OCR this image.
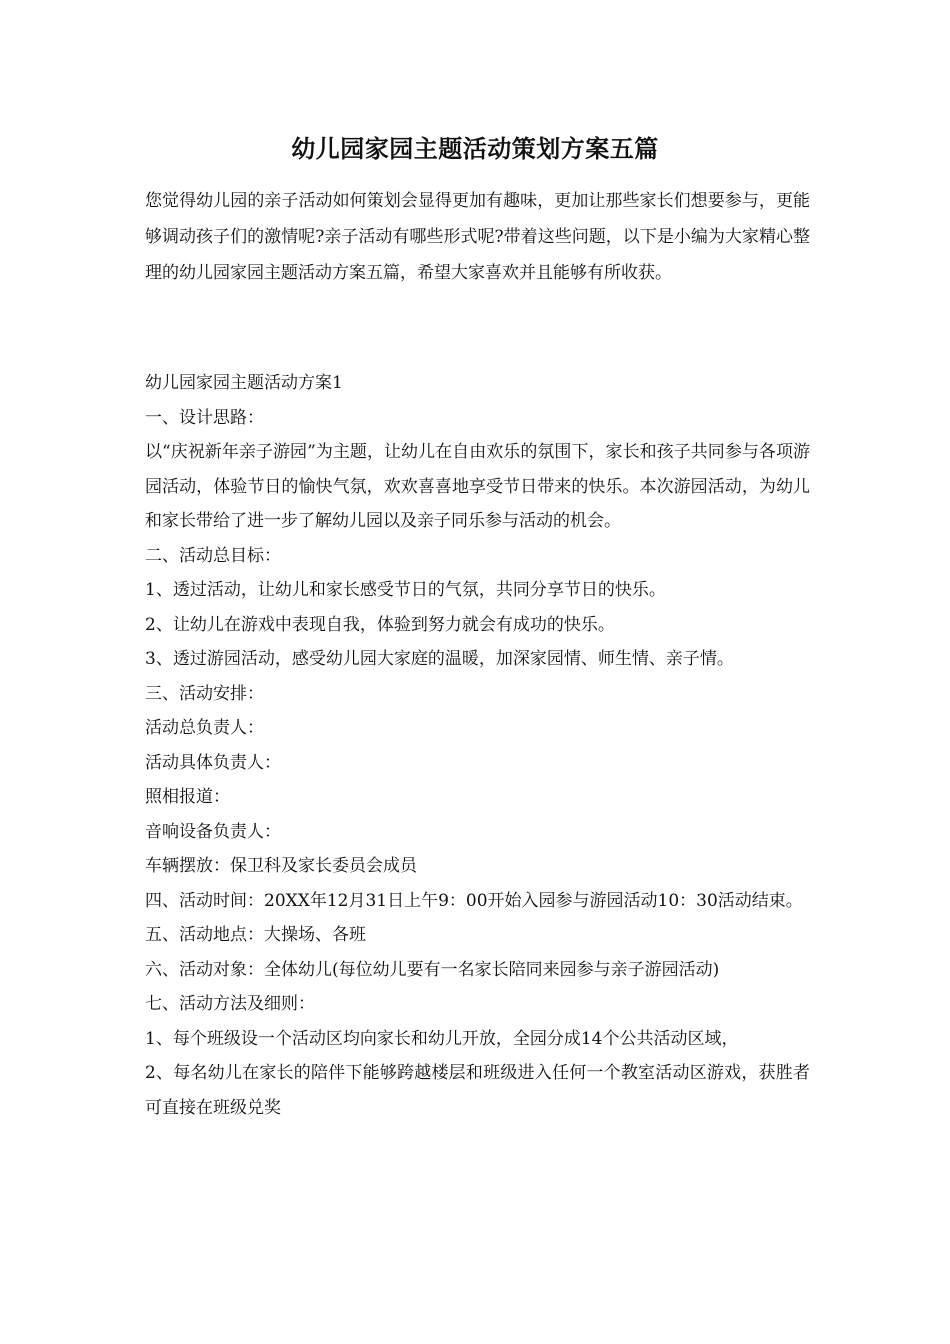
幼儿园家园主题活动策划方案五篇
您觉得幼儿园的亲子活动如何策划会显得更加有趣味，更加让那些家长们想要参与，更能够调动孩子们的激情呢?亲子活动有哪些形式呢?带着这些问题，以下是小编为大家精心整理的幼儿园家园主题活动方案五篇，希望大家喜欢并且能够有所收获。

幼儿园家园主题活动方案1

一、设计思路：

以“庆祝新年亲子游园”为主题，让幼儿在自由欢乐的氛围下，家长和孩子共同参与各项游园活动，体验节日的愉快气氛，欢欢喜喜地享受节日带来的快乐。本次游园活动，为幼儿和家长带给了进一步了解幼儿园以及亲子同乐参与活动的机会。

二、活动总目标：

1、透过活动，让幼儿和家长感受节日的气氛，共同分享节日的快乐。

2、让幼儿在游戏中表现自我，体验到努力就会有成功的快乐。

3、透过游园活动，感受幼儿园大家庭的温暖，加深家园情、师生情、亲子情。

三、活动安排：

活动总负责人：

活动具体负责人：

照相报道：

音响设备负责人：

车辆摆放：保卫科及家长委员会成员

四、活动时间：20XX年12月31日上午9：00开始入园参与游园活动10：30活动结束。

五、活动地点：大操场、各班

六、活动对象：全体幼儿(每位幼儿要有一名家长陪同来园参与亲子游园活动)

七、活动方法及细则：

1、每个班级设一个活动区均向家长和幼儿开放，全园分成14个公共活动区域，

2、每名幼儿在家长的陪伴下能够跨越楼层和班级进入任何一个教室活动区游戏，获胜者可直接在班级兑奖
